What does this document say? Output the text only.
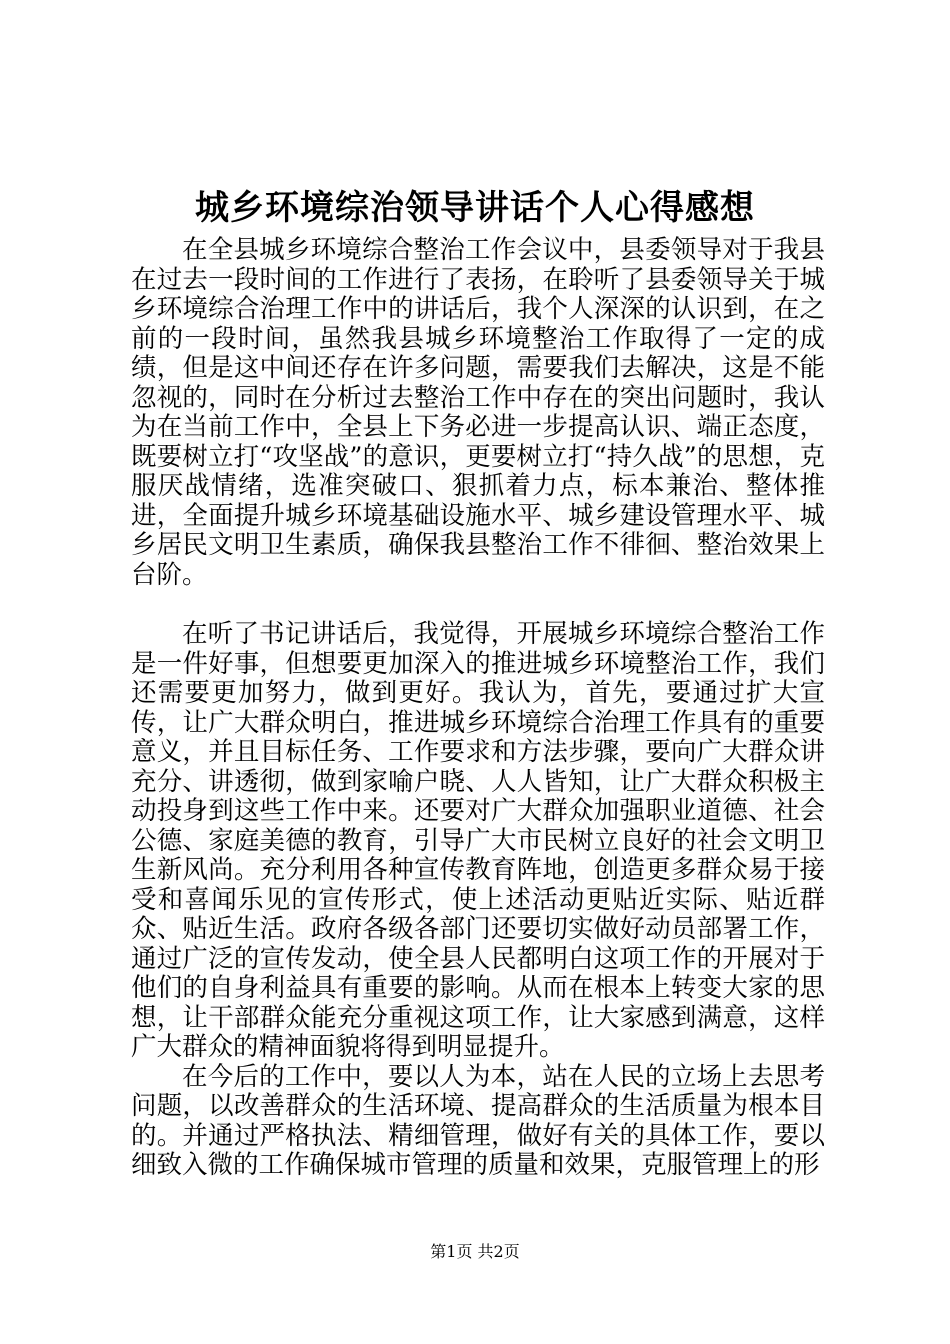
城乡环境综治领导讲话个人心得感想

在全县城乡环境综合整治工作会议中，县委领导对于我县在过去一段时间的工作进行了表扬，在聆听了县委领导关于城乡环境综合治理工作中的讲话后，我个人深深的认识到，在之前的一段时间，虽然我县城乡环境整治工作取得了一定的成绩，但是这中间还存在许多问题，需要我们去解决，这是不能忽视的，同时在分析过去整治工作中存在的突出问题时，我认为在当前工作中，全县上下务必进一步提高认识、端正态度，既要树立打“攻坚战”的意识，更要树立打“持久战”的思想，克服厌战情绪，选准突破口、狠抓着力点，标本兼治、整体推进，全面提升城乡环境基础设施水平、城乡建设管理水平、城乡居民文明卫生素质，确保我县整治工作不徘徊、整治效果上台阶。

在听了书记讲话后，我觉得，开展城乡环境综合整治工作是一件好事，但想要更加深入的推进城乡环境整治工作，我们还需要更加努力，做到更好。我认为，首先，要通过扩大宣传，让广大群众明白，推进城乡环境综合治理工作具有的重要意义，并且目标任务、工作要求和方法步骤，要向广大群众讲充分、讲透彻，做到家喻户晓、人人皆知，让广大群众积极主动投身到这些工作中来。还要对广大群众加强职业道德、社会公德、家庭美德的教育，引导广大市民树立良好的社会文明卫生新风尚。充分利用各种宣传教育阵地，创造更多群众易于接受和喜闻乐见的宣传形式，使上述活动更贴近实际、贴近群众、贴近生活。政府各级各部门还要切实做好动员部署工作，通过广泛的宣传发动，使全县人民都明白这项工作的开展对于他们的自身利益具有重要的影响。从而在根本上转变大家的思想，让干部群众能充分重视这项工作，让大家感到满意，这样广大群众的精神面貌将得到明显提升。

在今后的工作中，要以人为本，站在人民的立场上去思考问题，以改善群众的生活环境、提高群众的生活质量为根本目的。并通过严格执法、精细管理，做好有关的具体工作，要以细致入微的工作确保城市管理的质量和效果，克服管理上的形

第1页 共2页
